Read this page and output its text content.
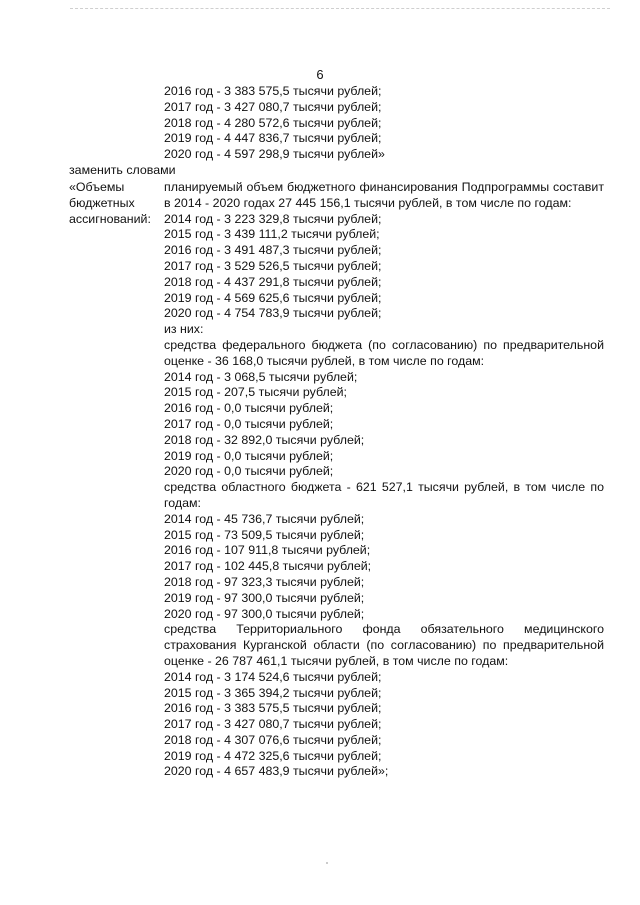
6
2016 год - 3 383 575,5 тысячи рублей;
2017 год - 3 427 080,7 тысячи рублей;
2018 год - 4 280 572,6 тысячи рублей;
2019 год - 4 447 836,7 тысячи рублей;
2020 год - 4 597 298,9 тысячи рублей»
заменить словами
«Объемы
бюджетных
ассигнований:
планируемый объем бюджетного финансирования Подпрограммы составит в 2014 - 2020 годах 27 445 156,1 тысячи рублей, в том числе по годам:
2014 год - 3 223 329,8 тысячи рублей;
2015 год - 3 439 111,2 тысячи рублей;
2016 год - 3 491 487,3 тысячи рублей;
2017 год - 3 529 526,5 тысячи рублей;
2018 год - 4 437 291,8 тысячи рублей;
2019 год - 4 569 625,6 тысячи рублей;
2020 год - 4 754 783,9 тысячи рублей;
из них:
средства федерального бюджета (по согласованию) по предварительной оценке - 36 168,0 тысячи рублей, в том числе по годам:
2014 год - 3 068,5 тысячи рублей;
2015 год - 207,5 тысячи рублей;
2016 год - 0,0 тысячи рублей;
2017 год - 0,0 тысячи рублей;
2018 год - 32 892,0 тысячи рублей;
2019 год - 0,0 тысячи рублей;
2020 год - 0,0 тысячи рублей;
средства областного бюджета - 621 527,1 тысячи рублей, в том числе по годам:
2014 год - 45 736,7 тысячи рублей;
2015 год - 73 509,5 тысячи рублей;
2016 год - 107 911,8 тысячи рублей;
2017 год - 102 445,8 тысячи рублей;
2018 год - 97 323,3 тысячи рублей;
2019 год - 97 300,0 тысячи рублей;
2020 год - 97 300,0 тысячи рублей;
средства Территориального фонда обязательного медицинского страхования Курганской области (по согласованию) по предварительной оценке - 26 787 461,1 тысячи рублей, в том числе по годам:
2014 год - 3 174 524,6 тысячи рублей;
2015 год - 3 365 394,2 тысячи рублей;
2016 год - 3 383 575,5 тысячи рублей;
2017 год - 3 427 080,7 тысячи рублей;
2018 год - 4 307 076,6 тысячи рублей;
2019 год - 4 472 325,6 тысячи рублей;
2020 год - 4 657 483,9 тысячи рублей»;
